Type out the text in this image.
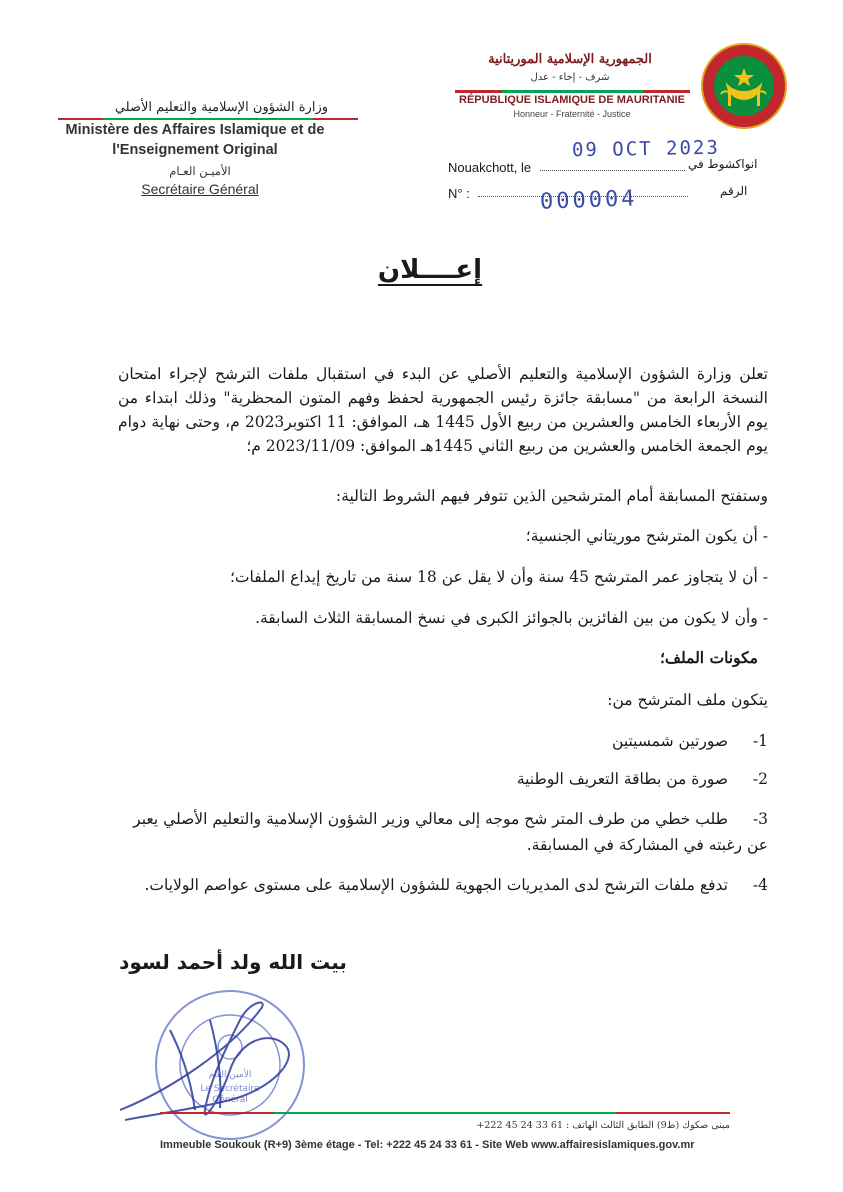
الجمهورية الإسلامية الموريتانية
شرف - إخاء - عدل
RÉPUBLIQUE ISLAMIQUE DE MAURITANIE
Honneur - Fraternité - Justice
وزارة الشؤون الإسلامية والتعليم الأصلي
Ministère des Affaires Islamique et de l'Enseignement Original
الأميـن العـام
Secrétaire Général
09 OCT 2023
Nouakchott, le	انواكشوط في
N° :	000004	الرقم
إعــــلان
تعلن وزارة الشؤون الإسلامية والتعليم الأصلي عن البدء في استقبال ملفات الترشح لإجراء امتحان النسخة الرابعة من "مسابقة جائزة رئيس الجمهورية لحفظ وفهم المتون المحظرية" وذلك ابتداء من يوم الأربعاء الخامس والعشرين من ربيع الأول 1445 هـ، الموافق: 11 اكتوبر2023 م، وحتى نهاية دوام يوم الجمعة الخامس والعشرين من ربيع الثاني 1445هـ الموافق: 2023/11/09 م؛
وستفتح المسابقة أمام المترشحين الذين تتوفر فيهم الشروط التالية:
- أن يكون المترشح موريتاني الجنسية؛
- أن لا يتجاوز عمر المترشح 45 سنة وأن لا يقل عن 18 سنة من تاريخ إيداع الملفات؛
- وأن لا يكون من بين الفائزين بالجوائز الكبرى في نسخ المسابقة الثلاث السابقة.
مكونات الملف؛
يتكون ملف المترشح من:
1-صورتين شمسيتين
2-صورة من بطاقة التعريف الوطنية
3-طلب خطي من طرف المتر شح موجه إلى معالي وزير الشؤون الإسلامية والتعليم الأصلي يعبر عن رغبته في المشاركة في المسابقة.
4-تدفع ملفات الترشح لدى المديريات الجهوية للشؤون الإسلامية على مستوى عواصم الولايات.
بيت الله ولد أحمد لسود
الأمين العام
Le Secrétaire
Général
مبنى صكوك (ط9) الطابق الثالث الهاتف : 61 33 24 45 222+
Immeuble Soukouk (R+9) 3ème étage - Tel: +222 45 24 33 61 - Site Web www.affairesislamiques.gov.mr
